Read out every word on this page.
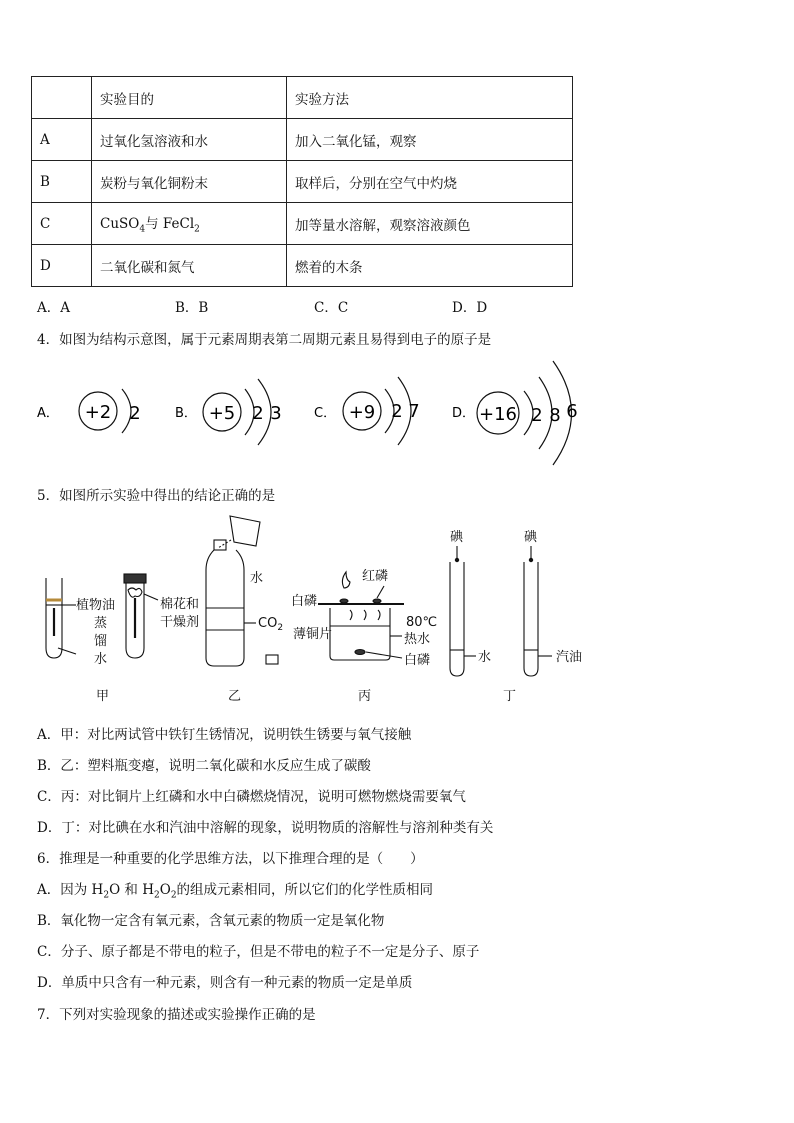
	实验目的	实验方法
A	过氧化氢溶液和水	加入二氧化锰，观察
B	炭粉与氧化铜粉末	取样后，分别在空气中灼烧
C	CuSO$_4$与 FeCl$_2$	加等量水溶解，观察溶液颜色
D	二氧化碳和氮气	燃着的木条
A．A	B．B	C．C	D．D
4．如图为结构示意图，属于元素周期表第二周期元素且易得到电子的原子是
A．	B．	C．	D．
+2 2	+5 2 3	+9 2 7	+16 2 8 6
5．如图所示实验中得出的结论正确的是
植物油
蒸
馏
水
棉花和
干燥剂
甲
水
$CO_2$
乙
红磷
白磷
薄铜片
80℃
热水
白磷
丙
碘
水
碘
汽油
丁
A．甲：对比两试管中铁钉生锈情况，说明铁生锈要与氧气接触
B．乙：塑料瓶变瘪，说明二氧化碳和水反应生成了碳酸
C．丙：对比铜片上红磷和水中白磷燃烧情况，说明可燃物燃烧需要氧气
D．丁：对比碘在水和汽油中溶解的现象，说明物质的溶解性与溶剂种类有关
6．推理是一种重要的化学思维方法，以下推理合理的是（　　）
A．因为 $H_2O$ 和 $H_2O_2$的组成元素相同，所以它们的化学性质相同
B．氧化物一定含有氧元素，含氧元素的物质一定是氧化物
C．分子、原子都是不带电的粒子，但是不带电的粒子不一定是分子、原子
D．单质中只含有一种元素，则含有一种元素的物质一定是单质
7．下列对实验现象的描述或实验操作正确的是
